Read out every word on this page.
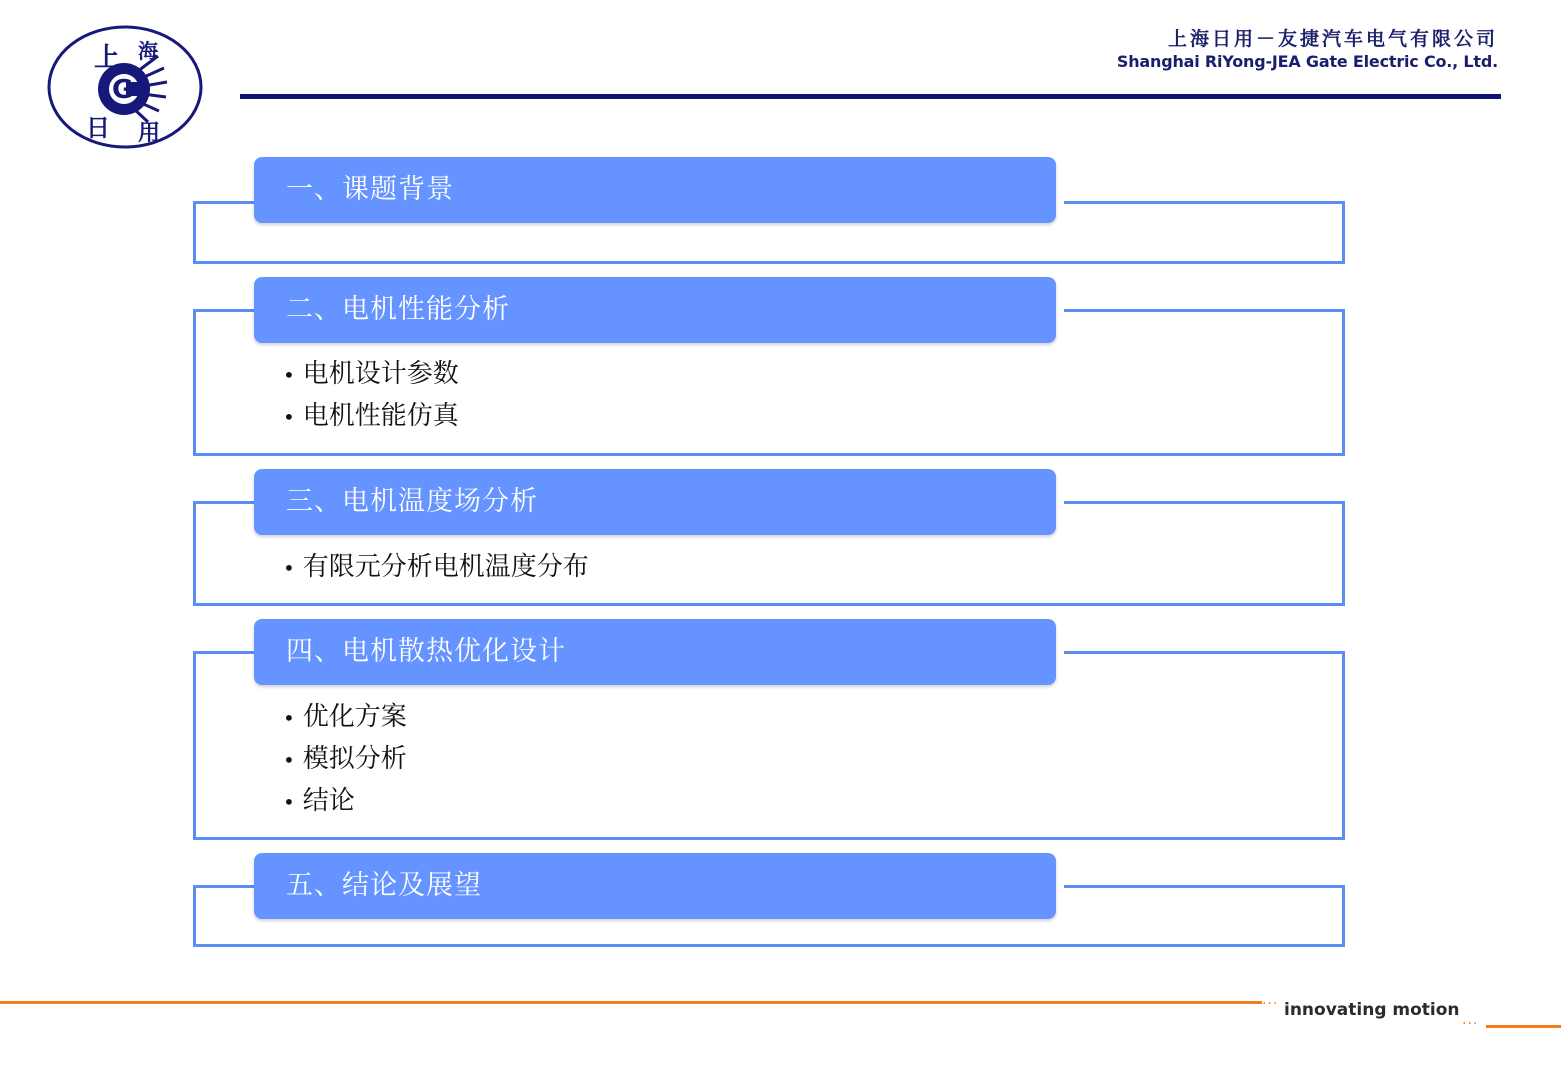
上 海
日 用
G
上海日用－友捷汽车电气有限公司
Shanghai RiYong-JEA Gate Electric Co., Ltd.
一、课题背景
二、电机性能分析
• 电机设计参数
• 电机性能仿真
三、电机温度场分析
• 有限元分析电机温度分布
四、电机散热优化设计
• 优化方案
• 模拟分析
• 结论
五、结论及展望
··· innovating motion
···
